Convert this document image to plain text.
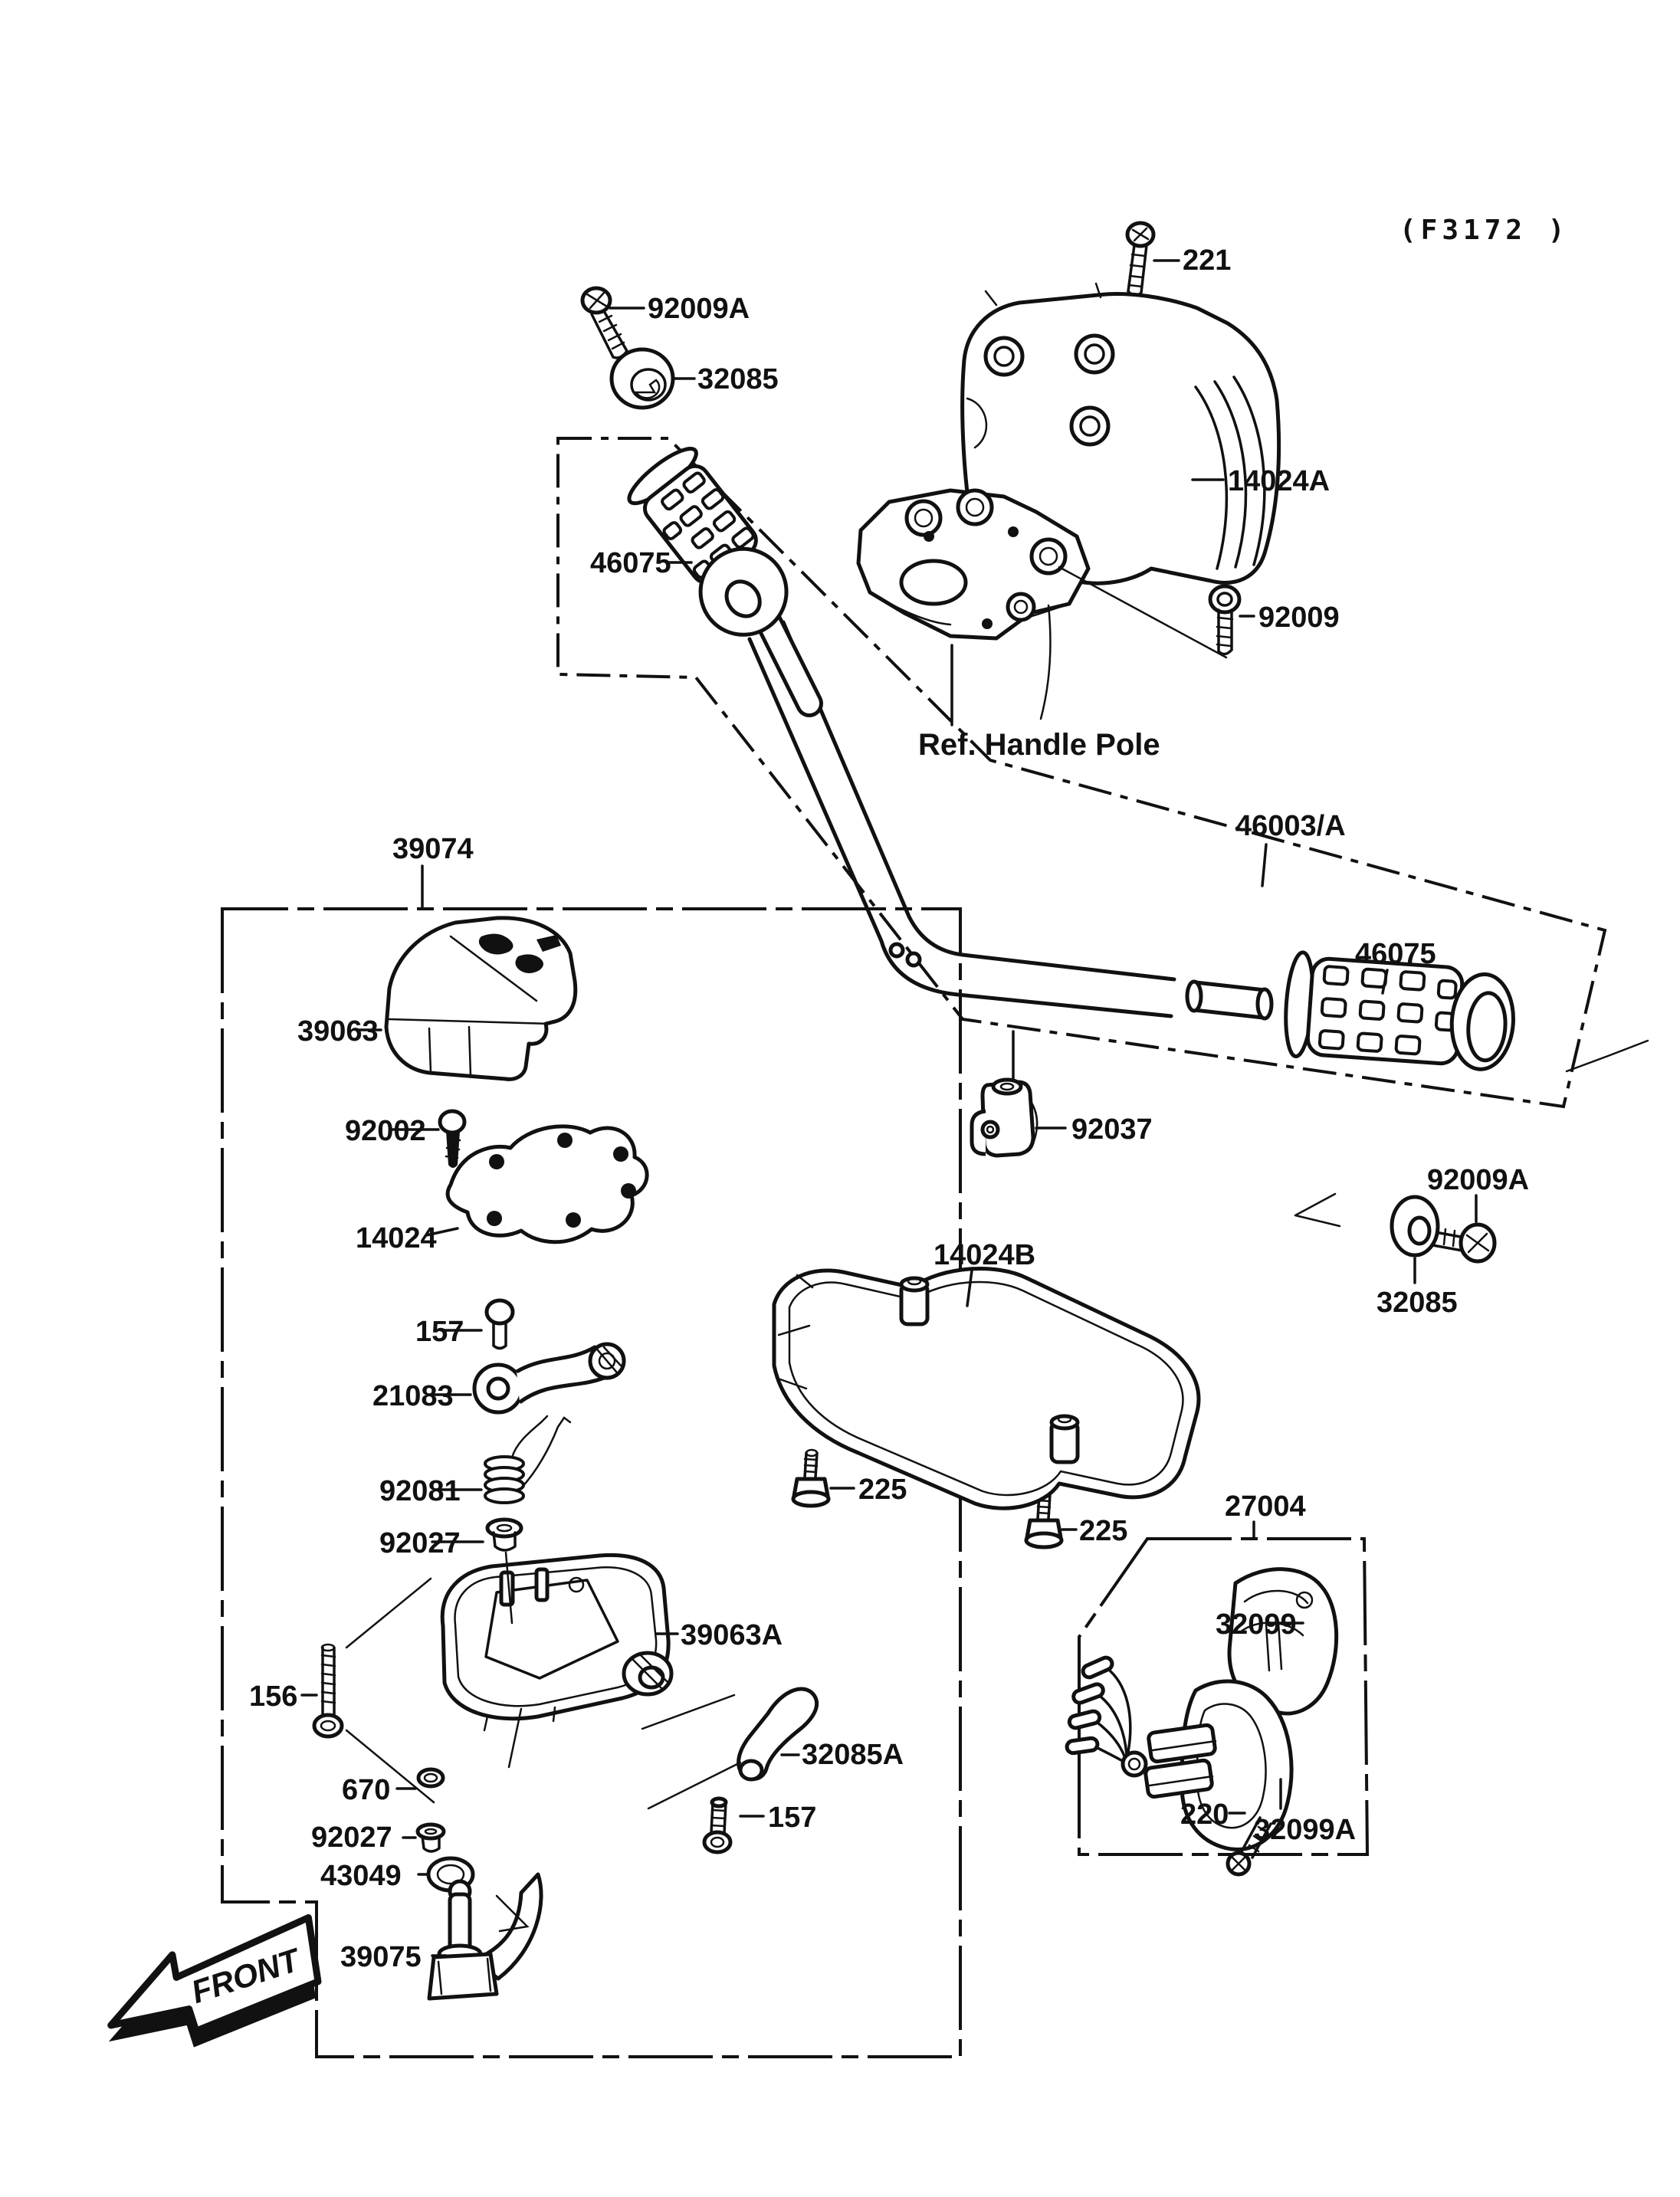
FRONT
(F3172 )
221
92009A
32085
46075
14024A
92009
Ref. Handle Pole
46003/A
39074
46075
39063
92002
14024
92037
92009A
32085
14024B
157
21083
92081
92027
39063A
225
225
27004
32099
156
670
32085A
92027
157
43049
39075
220 32099A
